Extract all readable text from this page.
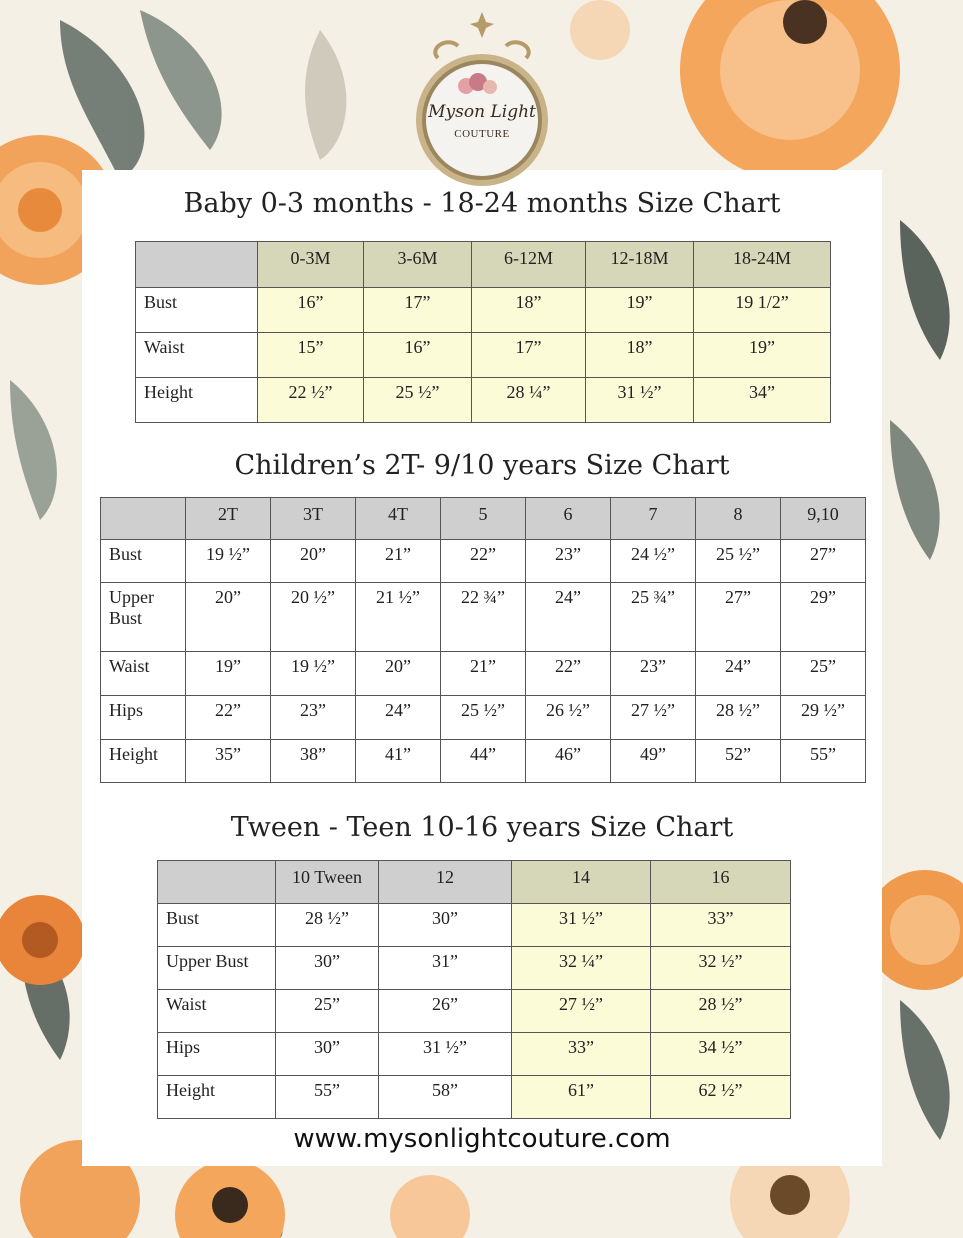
Myson Light
COUTURE
Baby 0-3 months - 18-24 months Size Chart
	0-3M	3-6M	6-12M	12-18M	18-24M
Bust	16”	17”	18”	19”	19 1/2”
Waist	15”	16”	17”	18”	19”
Height	22 ½”	25 ½”	28 ¼”	31 ½”	34”
Children’s 2T- 9/10 years Size Chart
	2T	3T	4T	5	6	7	8	9,10
Bust	19 ½”	20”	21”	22”	23”	24 ½”	25 ½”	27”
Upper Bust	20”	20 ½”	21 ½”	22 ¾”	24”	25 ¾”	27”	29”
Waist	19”	19 ½”	20”	21”	22”	23”	24”	25”
Hips	22”	23”	24”	25 ½”	26 ½”	27 ½”	28 ½”	29 ½”
Height	35”	38”	41”	44”	46”	49”	52”	55”
Tween - Teen 10-16 years Size Chart
	10 Tween	12	14	16
Bust	28 ½”	30”	31 ½”	33”
Upper Bust	30”	31”	32 ¼”	32 ½”
Waist	25”	26”	27 ½”	28 ½”
Hips	30”	31 ½”	33”	34 ½”
Height	55”	58”	61”	62 ½”
www.mysonlightcouture.com
